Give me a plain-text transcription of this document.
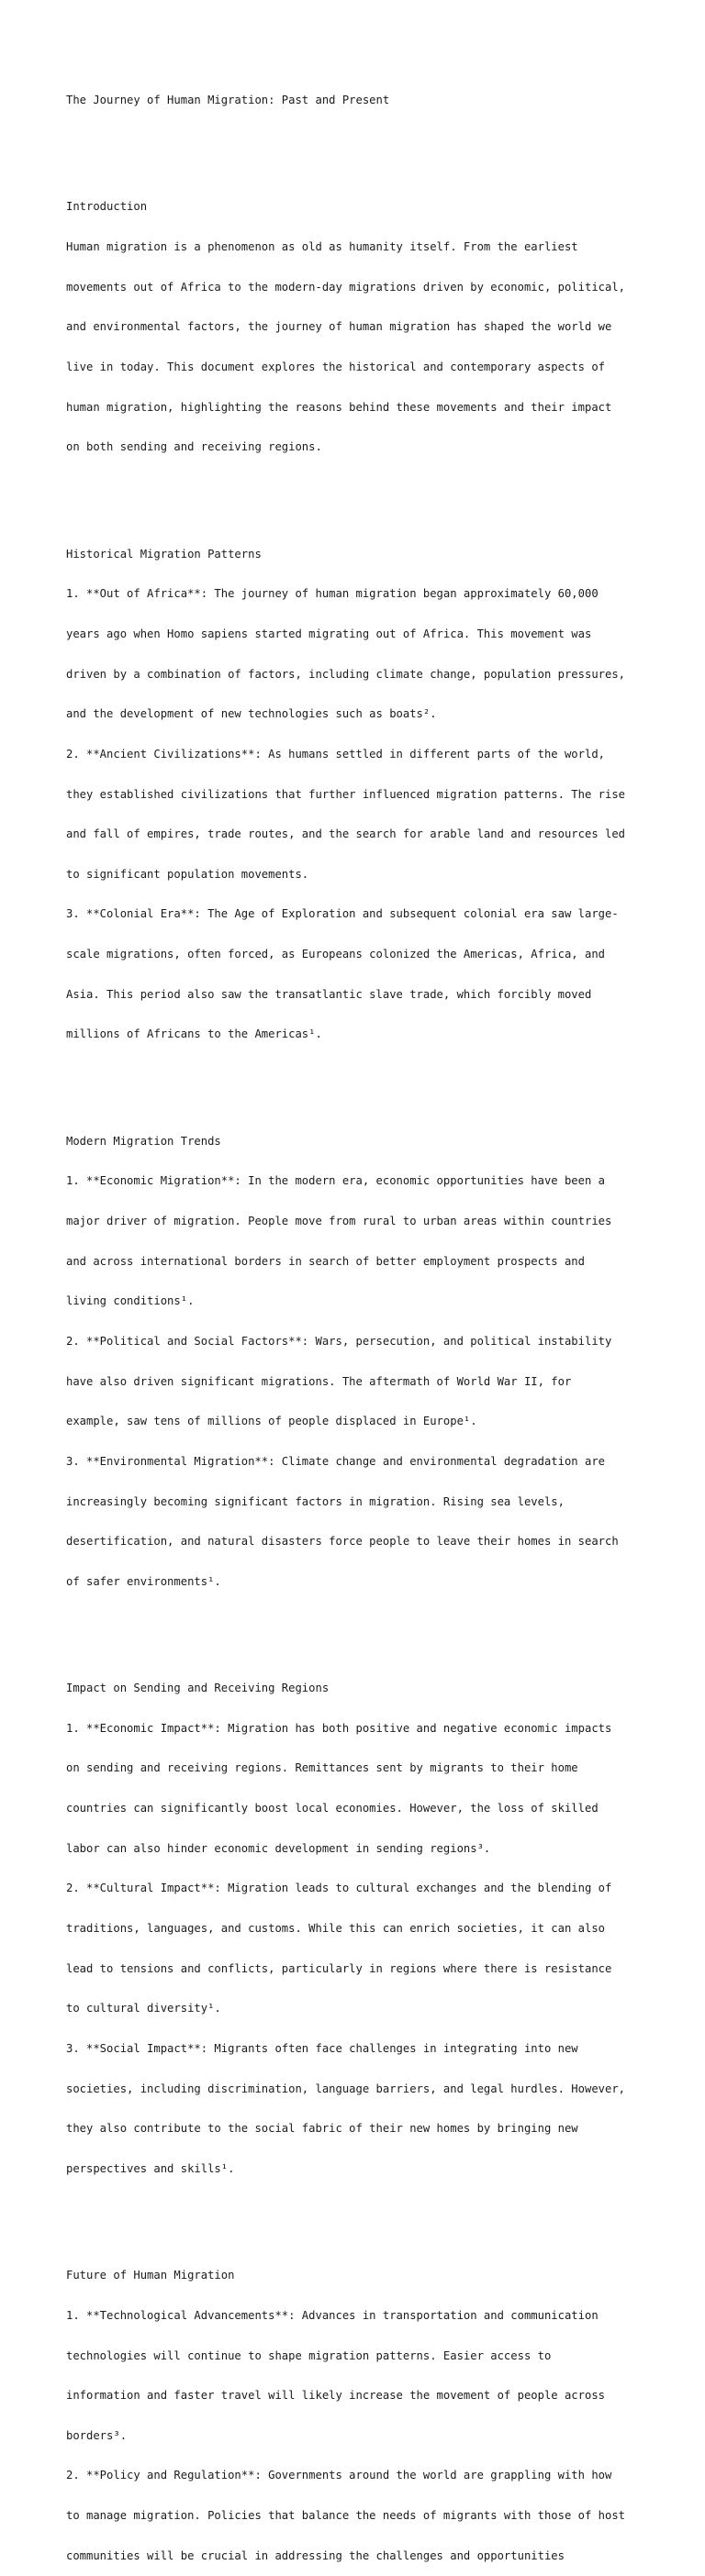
The Journey of Human Migration: Past and Present

Introduction

Human migration is a phenomenon as old as humanity itself. From the earliest

movements out of Africa to the modern-day migrations driven by economic, political,

and environmental factors, the journey of human migration has shaped the world we

live in today. This document explores the historical and contemporary aspects of

human migration, highlighting the reasons behind these movements and their impact

on both sending and receiving regions.

Historical Migration Patterns

1. **Out of Africa**: The journey of human migration began approximately 60,000

years ago when Homo sapiens started migrating out of Africa. This movement was

driven by a combination of factors, including climate change, population pressures,

and the development of new technologies such as boats².

2. **Ancient Civilizations**: As humans settled in different parts of the world,

they established civilizations that further influenced migration patterns. The rise

and fall of empires, trade routes, and the search for arable land and resources led

to significant population movements.

3. **Colonial Era**: The Age of Exploration and subsequent colonial era saw large-

scale migrations, often forced, as Europeans colonized the Americas, Africa, and

Asia. This period also saw the transatlantic slave trade, which forcibly moved

millions of Africans to the Americas¹.

Modern Migration Trends

1. **Economic Migration**: In the modern era, economic opportunities have been a

major driver of migration. People move from rural to urban areas within countries

and across international borders in search of better employment prospects and

living conditions¹.

2. **Political and Social Factors**: Wars, persecution, and political instability

have also driven significant migrations. The aftermath of World War II, for

example, saw tens of millions of people displaced in Europe¹.

3. **Environmental Migration**: Climate change and environmental degradation are

increasingly becoming significant factors in migration. Rising sea levels,

desertification, and natural disasters force people to leave their homes in search

of safer environments¹.

Impact on Sending and Receiving Regions

1. **Economic Impact**: Migration has both positive and negative economic impacts

on sending and receiving regions. Remittances sent by migrants to their home

countries can significantly boost local economies. However, the loss of skilled

labor can also hinder economic development in sending regions³.

2. **Cultural Impact**: Migration leads to cultural exchanges and the blending of

traditions, languages, and customs. While this can enrich societies, it can also

lead to tensions and conflicts, particularly in regions where there is resistance

to cultural diversity¹.

3. **Social Impact**: Migrants often face challenges in integrating into new

societies, including discrimination, language barriers, and legal hurdles. However,

they also contribute to the social fabric of their new homes by bringing new

perspectives and skills¹.

Future of Human Migration

1. **Technological Advancements**: Advances in transportation and communication

technologies will continue to shape migration patterns. Easier access to

information and faster travel will likely increase the movement of people across

borders³.

2. **Policy and Regulation**: Governments around the world are grappling with how

to manage migration. Policies that balance the needs of migrants with those of host

communities will be crucial in addressing the challenges and opportunities
